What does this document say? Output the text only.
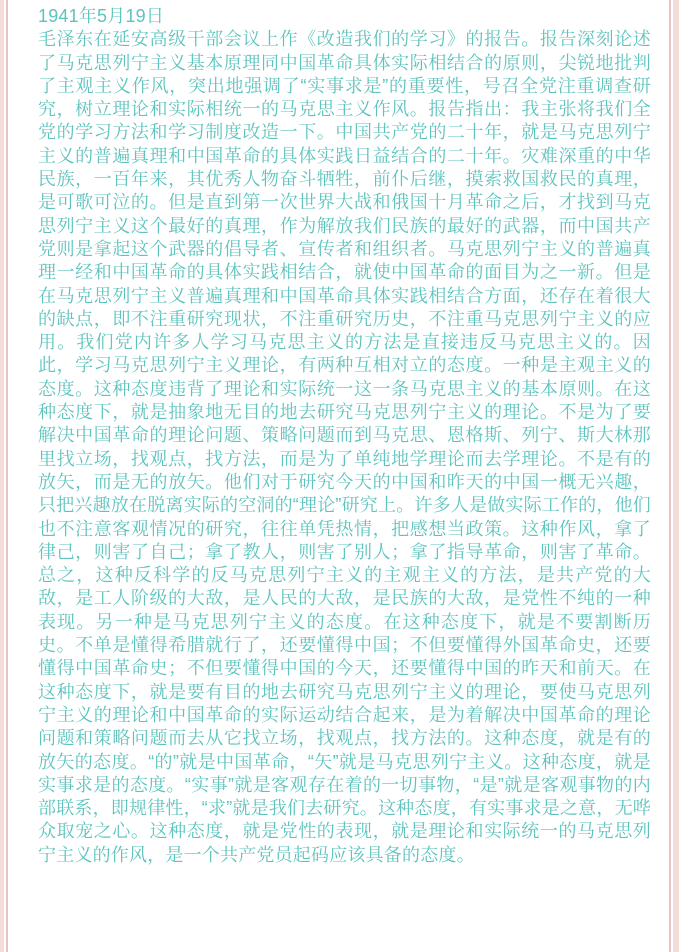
1941年5月19日
毛泽东在延安高级干部会议上作《改造我们的学习》的报告。报告深刻论述了马克思列宁主义基本原理同中国革命具体实际相结合的原则，尖锐地批判了主观主义作风，突出地强调了“实事求是”的重要性，号召全党注重调查研究，树立理论和实际相统一的马克思主义作风。报告指出：我主张将我们全党的学习方法和学习制度改造一下。中国共产党的二十年，就是马克思列宁主义的普遍真理和中国革命的具体实践日益结合的二十年。灾难深重的中华民族，一百年来，其优秀人物奋斗牺牲，前仆后继，摸索救国救民的真理，是可歌可泣的。但是直到第一次世界大战和俄国十月革命之后，才找到马克思列宁主义这个最好的真理，作为解放我们民族的最好的武器，而中国共产党则是拿起这个武器的倡导者、宣传者和组织者。马克思列宁主义的普遍真理一经和中国革命的具体实践相结合，就使中国革命的面目为之一新。但是在马克思列宁主义普遍真理和中国革命具体实践相结合方面，还存在着很大的缺点，即不注重研究现状，不注重研究历史，不注重马克思列宁主义的应用。我们党内许多人学习马克思主义的方法是直接违反马克思主义的。因此，学习马克思列宁主义理论，有两种互相对立的态度。一种是主观主义的态度。这种态度违背了理论和实际统一这一条马克思主义的基本原则。在这种态度下，就是抽象地无目的地去研究马克思列宁主义的理论。不是为了要解决中国革命的理论问题、策略问题而到马克思、恩格斯、列宁、斯大林那里找立场，找观点，找方法，而是为了单纯地学理论而去学理论。不是有的放矢，而是无的放矢。他们对于研究今天的中国和昨天的中国一概无兴趣，只把兴趣放在脱离实际的空洞的“理论”研究上。许多人是做实际工作的，他们也不注意客观情况的研究，往往单凭热情，把感想当政策。这种作风，拿了律己，则害了自己；拿了教人，则害了别人；拿了指导革命，则害了革命。总之，这种反科学的反马克思列宁主义的主观主义的方法，是共产党的大敌，是工人阶级的大敌，是人民的大敌，是民族的大敌，是党性不纯的一种表现。另一种是马克思列宁主义的态度。在这种态度下，就是不要割断历史。不单是懂得希腊就行了，还要懂得中国；不但要懂得外国革命史，还要懂得中国革命史；不但要懂得中国的今天，还要懂得中国的昨天和前天。在这种态度下，就是要有目的地去研究马克思列宁主义的理论，要使马克思列宁主义的理论和中国革命的实际运动结合起来，是为着解决中国革命的理论问题和策略问题而去从它找立场，找观点，找方法的。这种态度，就是有的放矢的态度。“的”就是中国革命，“矢”就是马克思列宁主义。这种态度，就是实事求是的态度。“实事”就是客观存在着的一切事物，“是”就是客观事物的内部联系，即规律性，“求”就是我们去研究。这种态度，有实事求是之意，无哗众取宠之心。这种态度，就是党性的表现，就是理论和实际统一的马克思列宁主义的作风，是一个共产党员起码应该具备的态度。
